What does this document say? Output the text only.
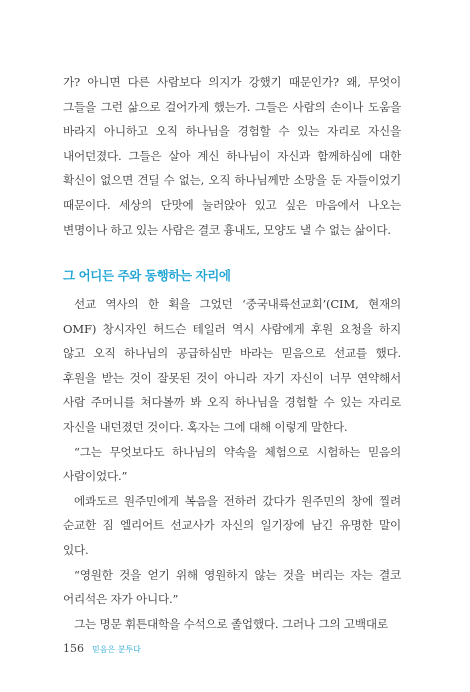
가? 아니면 다른 사람보다 의지가 강했기 때문인가? 왜, 무엇이 그들을 그런 삶으로 걸어가게 했는가. 그들은 사람의 손이나 도움을 바라지 아니하고 오직 하나님을 경험할 수 있는 자리로 자신을 내어던졌다. 그들은 살아 계신 하나님이 자신과 함께하심에 대한 확신이 없으면 견딜 수 없는, 오직 하나님께만 소망을 둔 자들이었기 때문이다. 세상의 단맛에 눌러앉아 있고 싶은 마음에서 나오는 변명이나 하고 있는 사람은 결코 흉내도, 모양도 낼 수 없는 삶이다.

그 어디든 주와 동행하는 자리에

선교 역사의 한 획을 그었던 ‘중국내륙선교회’(CIM, 현재의 OMF) 창시자인 허드슨 테일러 역시 사람에게 후원 요청을 하지 않고 오직 하나님의 공급하심만 바라는 믿음으로 선교를 했다. 후원을 받는 것이 잘못된 것이 아니라 자기 자신이 너무 연약해서 사람 주머니를 쳐다볼까 봐 오직 하나님을 경험할 수 있는 자리로 자신을 내던졌던 것이다. 혹자는 그에 대해 이렇게 말한다.

“그는 무엇보다도 하나님의 약속을 체험으로 시험하는 믿음의 사람이었다.”

에콰도르 원주민에게 복음을 전하러 갔다가 원주민의 창에 찔려 순교한 짐 엘리어트 선교사가 자신의 일기장에 남긴 유명한 말이 있다.

“영원한 것을 얻기 위해 영원하지 않는 것을 버리는 자는 결코 어리석은 자가 아니다.”

그는 명문 휘튼대학을 수석으로 졸업했다. 그러나 그의 고백대로

156 믿음은 분투다
